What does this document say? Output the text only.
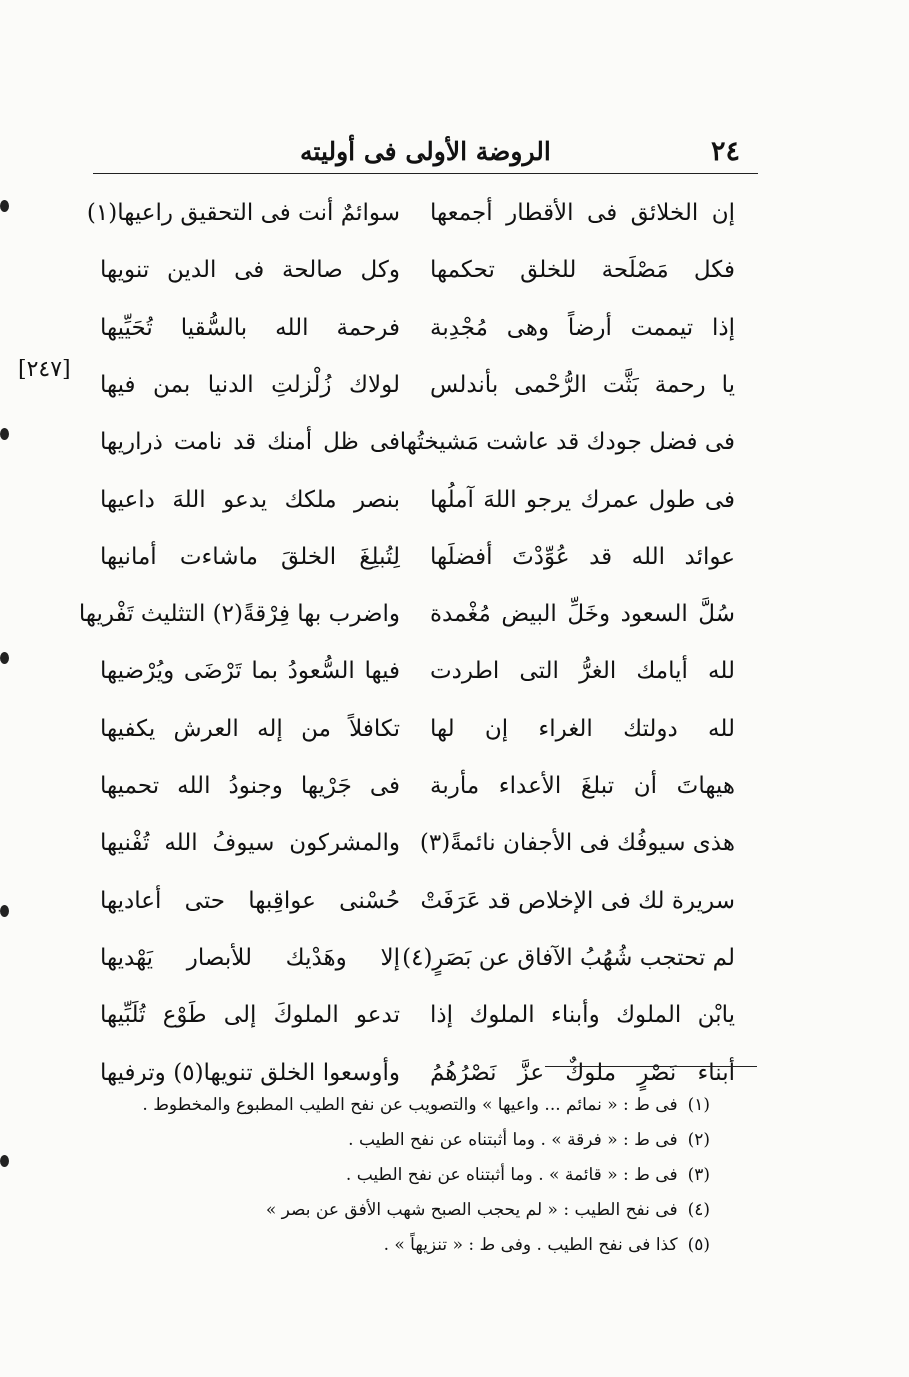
٢٤
الروضة الأولى فى أوليته
[٢٤٧]
إن الخلائق فى الأقطار أجمعها
سوائمٌ أنت فى التحقيق راعيها(١)
فكل مَصْلَحة للخلق تحكمها
وكل صالحة فى الدين تنويها
إذا تيممت أرضاً وهى مُجْدِبة
فرحمة الله بالسُّقيا تُحَيِّيها
يا رحمة بَثَّت الرُّحْمى بأندلس
لولاك زُلْزلتِ الدنيا بمن فيها
فى فضل جودك قد عاشت مَشيختُها
فى ظل أمنك قد نامت ذراريها
فى طول عمرك يرجو اللهَ آملُها
بنصر ملكك يدعو اللهَ داعيها
عوائد الله قد عُوِّدْتَ أفضلَها
لِتُبلِغَ الخلقَ ماشاءت أمانيها
سُلَّ السعود وخَلِّ البيض مُغْمدة
واضرب بها فِرْقةً(٢) التثليث تَفْريها
لله أيامك الغرُّ التى اطردت
فيها السُّعودُ بما تَرْضَى ويُرْضيها
لله دولتك الغراء إن لها
تكافلاً من إله العرش يكفيها
هيهاتَ أن تبلغَ الأعداء مأربة
فى جَرْيها وجنودُ الله تحميها
هذى سيوفُك فى الأجفان نائمةً(٣)
والمشركون سيوفُ الله تُفْنيها
سريرة لك فى الإخلاص قد عَرَفَتْ
حُسْنى عواقِبها حتى أعاديها
لم تحتجب شُهُبُ الآفاق عن بَصَرٍ(٤)
إلا وهَدْيك للأبصار يَهْديها
يابْن الملوك وأبناء الملوك إذا
تدعو الملوكَ إلى طَوْع تُلَبِّيها
أبناء نَصْرٍ ملوكٌ عزَّ نَصْرُهُمُ
وأوسعوا الخلق تنويها(٥) وترفيها
(١)فى ط : « نمائم ... واعيها » والتصويب عن نفح الطيب المطبوع والمخطوط .
(٢)فى ط : « فرقة » . وما أثبتناه عن نفح الطيب .
(٣)فى ط : « قائمة » . وما أثبتناه عن نفح الطيب .
(٤)فى نفح الطيب : « لم يحجب الصبح شهب الأفق عن بصر »
(٥)كذا فى نفح الطيب . وفى ط : « تنزيهاً » .
